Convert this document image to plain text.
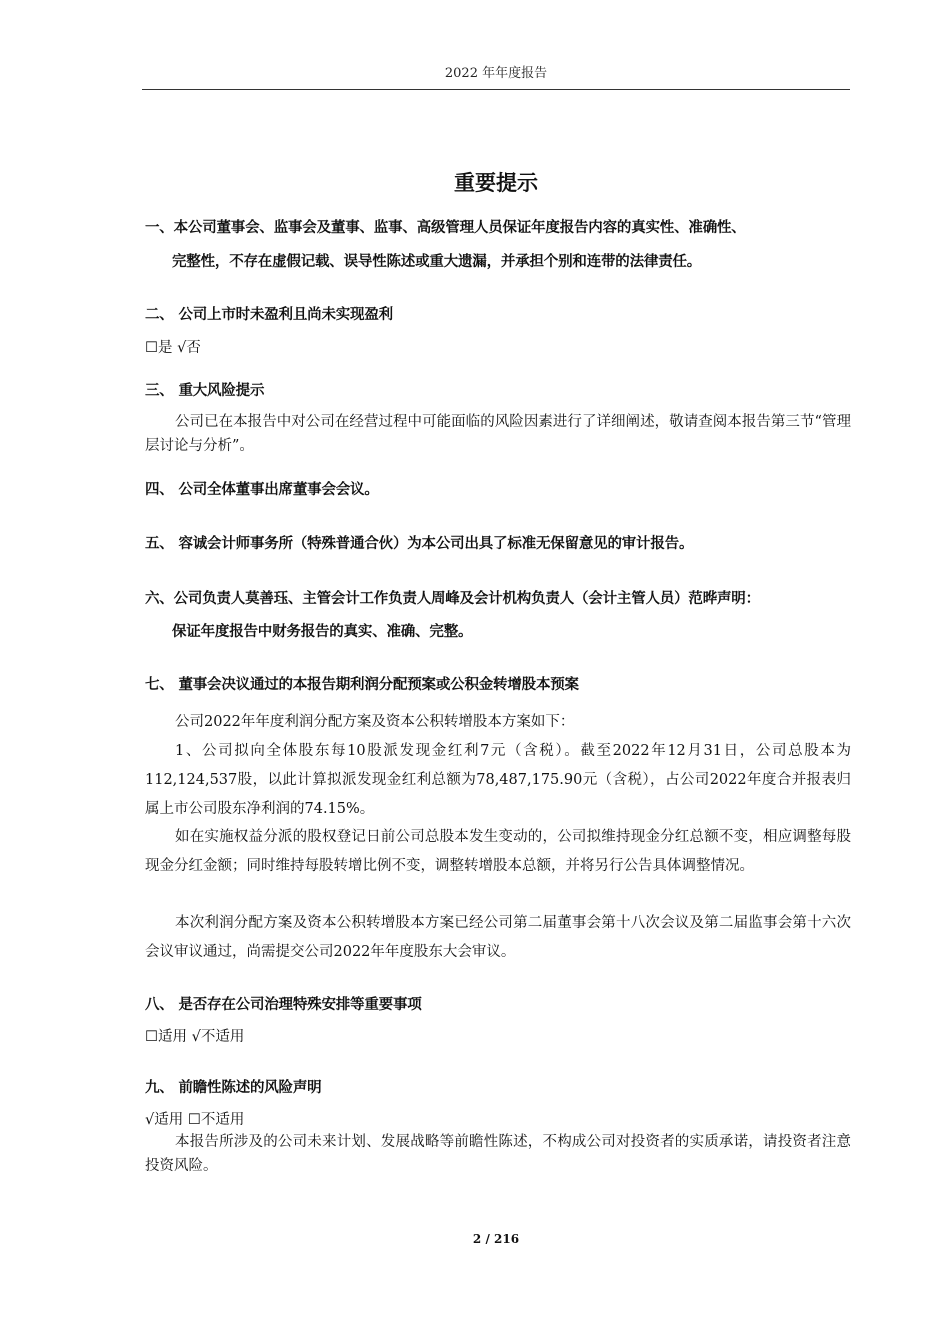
2022 年年度报告
重要提示
一、本公司董事会、监事会及董事、监事、高级管理人员保证年度报告内容的真实性、准确性、
完整性，不存在虚假记载、误导性陈述或重大遗漏，并承担个别和连带的法律责任。
二、 公司上市时未盈利且尚未实现盈利
☐是 √否
三、 重大风险提示
公司已在本报告中对公司在经营过程中可能面临的风险因素进行了详细阐述，敬请查阅本报告第三节“管理层讨论与分析”。
四、 公司全体董事出席董事会会议。
五、 容诚会计师事务所（特殊普通合伙）为本公司出具了标准无保留意见的审计报告。
六、公司负责人莫善珏、主管会计工作负责人周峰及会计机构负责人（会计主管人员）范晔声明：
保证年度报告中财务报告的真实、准确、完整。
七、 董事会决议通过的本报告期利润分配预案或公积金转增股本预案
公司2022年年度利润分配方案及资本公积转增股本方案如下：
1、公司拟向全体股东每10股派发现金红利7元（含税）。截至2022年12月31日，公司总股本为112,124,537股，以此计算拟派发现金红利总额为78,487,175.90元（含税），占公司2022年度合并报表归属上市公司股东净利润的74.15%。
如在实施权益分派的股权登记日前公司总股本发生变动的，公司拟维持现金分红总额不变，相应调整每股现金分红金额；同时维持每股转增比例不变，调整转增股本总额，并将另行公告具体调整情况。
本次利润分配方案及资本公积转增股本方案已经公司第二届董事会第十八次会议及第二届监事会第十六次会议审议通过，尚需提交公司2022年年度股东大会审议。
八、 是否存在公司治理特殊安排等重要事项
☐适用 √不适用
九、 前瞻性陈述的风险声明
√适用 ☐不适用
本报告所涉及的公司未来计划、发展战略等前瞻性陈述，不构成公司对投资者的实质承诺，请投资者注意投资风险。
2 / 216
